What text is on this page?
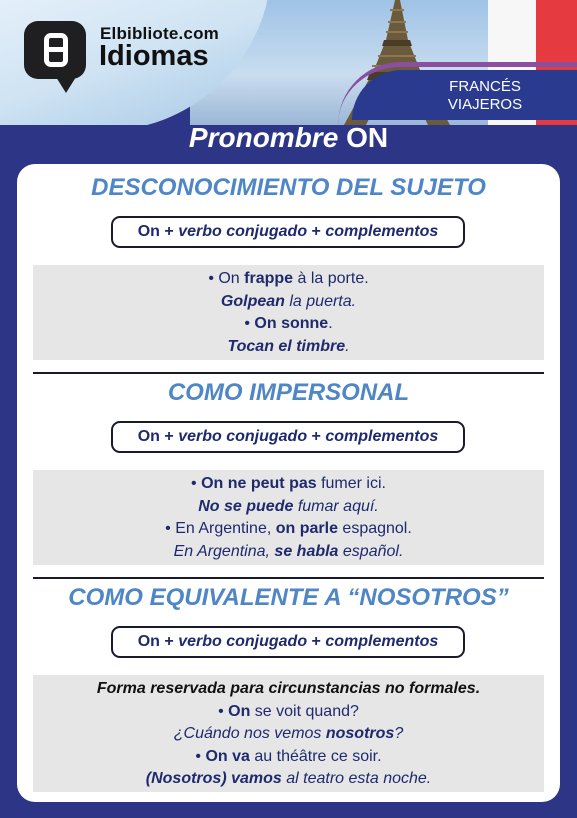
Elbibliote.com
Idiomas
FRANCÉS
VIAJEROS
Pronombre ON
DESCONOCIMIENTO DEL SUJETO
On + verbo conjugado + complementos
• On frappe à la porte.
Golpean la puerta.
• On sonne.
Tocan el timbre.
COMO IMPERSONAL
On + verbo conjugado + complementos
• On ne peut pas fumer ici.
No se puede fumar aquí.
• En Argentine, on parle espagnol.
En Argentina, se habla español.
COMO EQUIVALENTE A “NOSOTROS”
On + verbo conjugado + complementos
Forma reservada para circunstancias no formales.
• On se voit quand?
¿Cuándo nos vemos nosotros?
• On va au théâtre ce soir.
(Nosotros) vamos al teatro esta noche.
